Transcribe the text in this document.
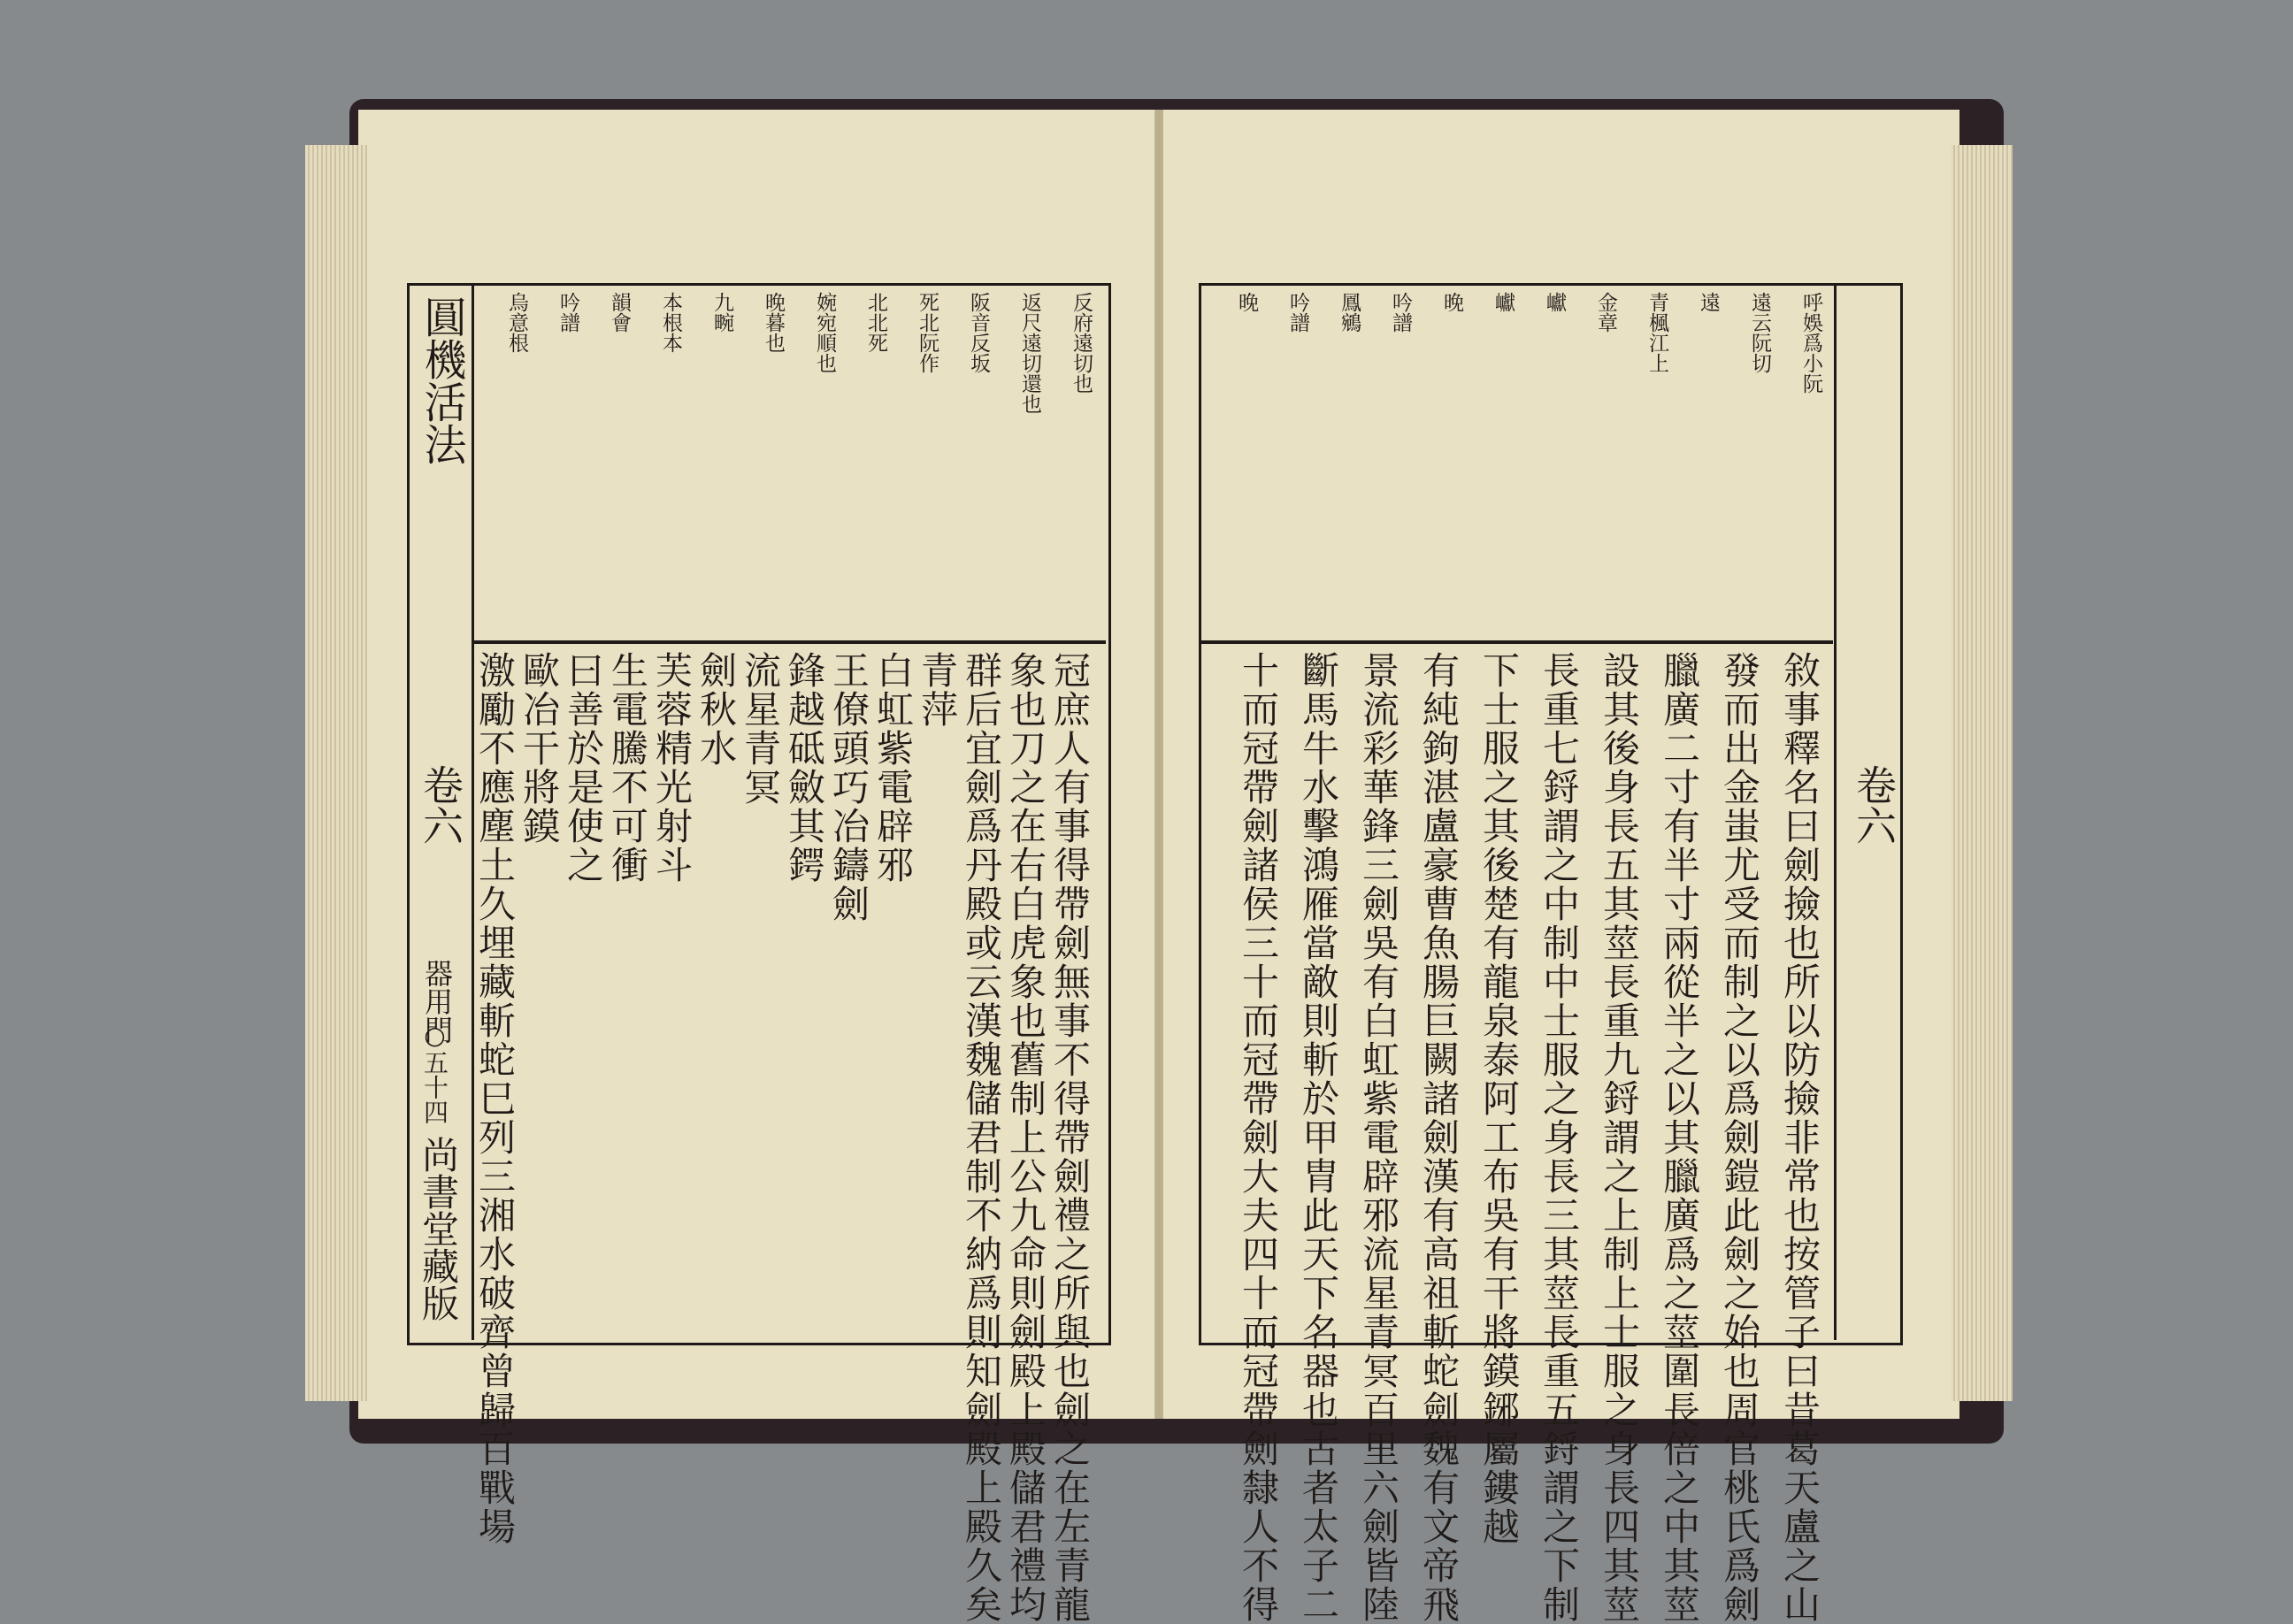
圓機活法
卷六
器用門
○五十四
尚書堂藏版
反府遠切也
返尺遠切還也
阪音反坂
死北阮作
北北死
婉宛順也
晚暮也
九畹
本根本
韻會
吟譜
烏意根
冠庶人有事得帶劍無事不得帶劍禮之所與也劍之在左青龍
象也刀之在右白虎象也舊制上公九命則劍殿上殿儲君禮均
群后宜劍爲丹殿或云漢魏儲君制不納爲則知劍殿上殿久矣
青萍
白虹紫電辟邪
王僚頭巧冶鑄劍
鋒越砥斂其鍔
流星青冥
劍秋水
芙蓉精光射斗
生電騰不可衝
曰善於是使之
歐冶干將鏌
激勵不應塵土久埋藏斬蛇巳列三湘水破齊曾歸百戰場	卷六
呼娛爲小阮
遠云阮切
遠
青楓江上
金章
巘
巘
晚
吟譜
鳳鵷
吟譜
晚
敘事釋名曰劍撿也所以防撿非常也按管子曰昔葛天盧之山
發而出金蚩尤受而制之以爲劍鎧此劍之始也周官桃氏爲劍
臘廣二寸有半寸兩從半之以其臘廣爲之莖圍長倍之中其莖
設其後身長五其莖長重九鋝謂之上制上士服之身長四其莖
長重七鋝謂之中制中士服之身長三其莖長重五鋝謂之下制
下士服之其後楚有龍泉泰阿工布吳有干將鏌鋣屬鏤越
有純鉤湛盧豪曹魚腸巨闕諸劍漢有高祖斬蛇劍魏有文帝飛
景流彩華鋒三劍吳有白虹紫電辟邪流星青冥百里六劍皆陸
斷馬牛水擊鴻雁當敵則斬於甲胄此天下名器也古者太子二
十而冠帶劍諸侯三十而冠帶劍大夫四十而冠帶劍隸人不得
